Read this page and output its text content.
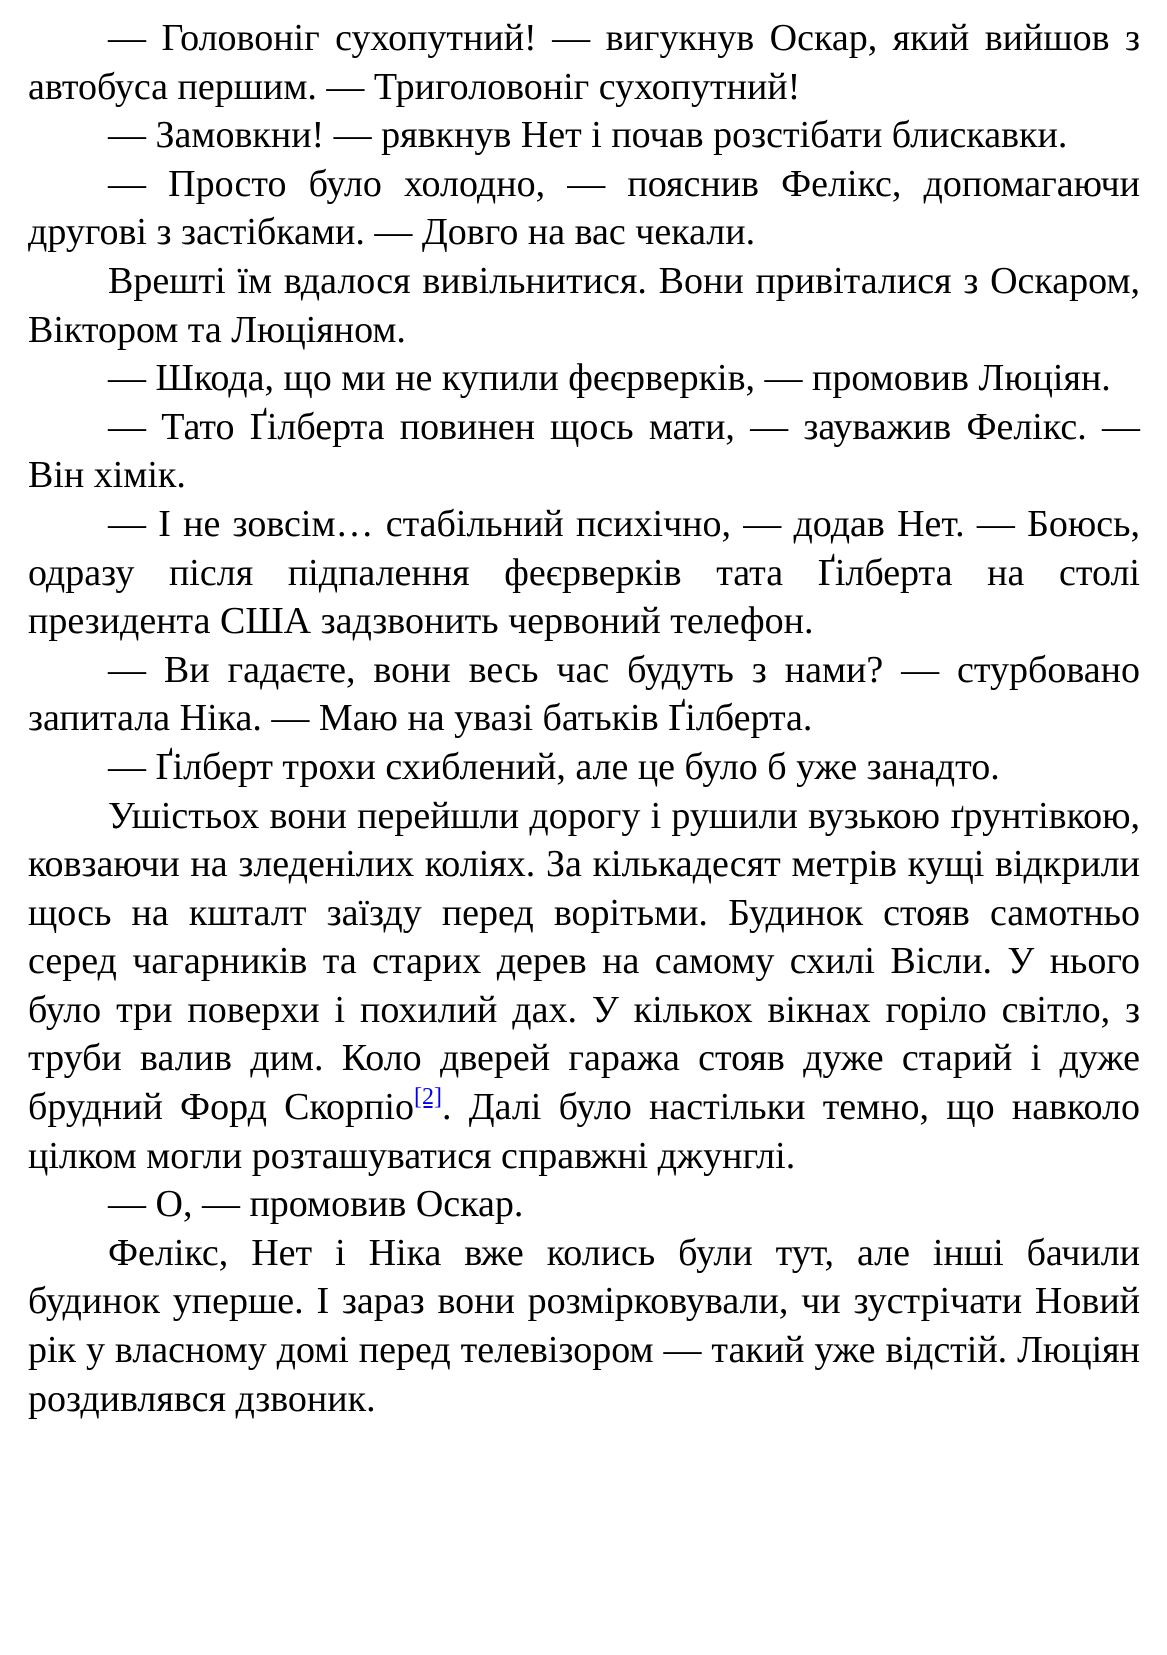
— Головоніг сухопутний! — вигукнув Оскар, який вийшов з автобуса першим. — Триголовоніг сухопутний!

— Замовкни! — рявкнув Нет і почав розстібати блискавки.

— Просто було холодно, — пояснив Фелікс, допомагаючи другові з застібками. — Довго на вас чекали.

Врешті їм вдалося вивільнитися. Вони привіталися з Оскаром, Віктором та Люціяном.

— Шкода, що ми не купили феєрверків, — промовив Люціян.

— Тато Ґілберта повинен щось мати, — зауважив Фелікс. — Він хімік.

— І не зовсім… стабільний психічно, — додав Нет. — Боюсь, одразу після підпалення феєрверків тата Ґілберта на столі президента США задзвонить червоний телефон.

— Ви гадаєте, вони весь час будуть з нами? — стурбовано запитала Ніка. — Маю на увазі батьків Ґілберта.

— Ґілберт трохи схиблений, але це було б уже занадто.

Ушістьох вони перейшли дорогу і рушили вузькою ґрунтівкою, ковзаючи на зледенілих коліях. За кількадесят метрів кущі відкрили щось на кшталт заїзду перед ворітьми. Будинок стояв самотньо серед чагарників та старих дерев на самому схилі Вісли. У нього було три поверхи і похилий дах. У кількох вікнах горіло світло, з труби валив дим. Коло дверей гаража стояв дуже старий і дуже брудний Форд Скорпіо[2]. Далі було настільки темно, що навколо цілком могли розташуватися справжні джунглі.

— О, — промовив Оскар.

Фелікс, Нет і Ніка вже колись були тут, але інші бачили будинок уперше. І зараз вони розмірковували, чи зустрічати Новий рік у власному домі перед телевізором — такий уже відстій. Люціян роздивлявся дзвоник.
